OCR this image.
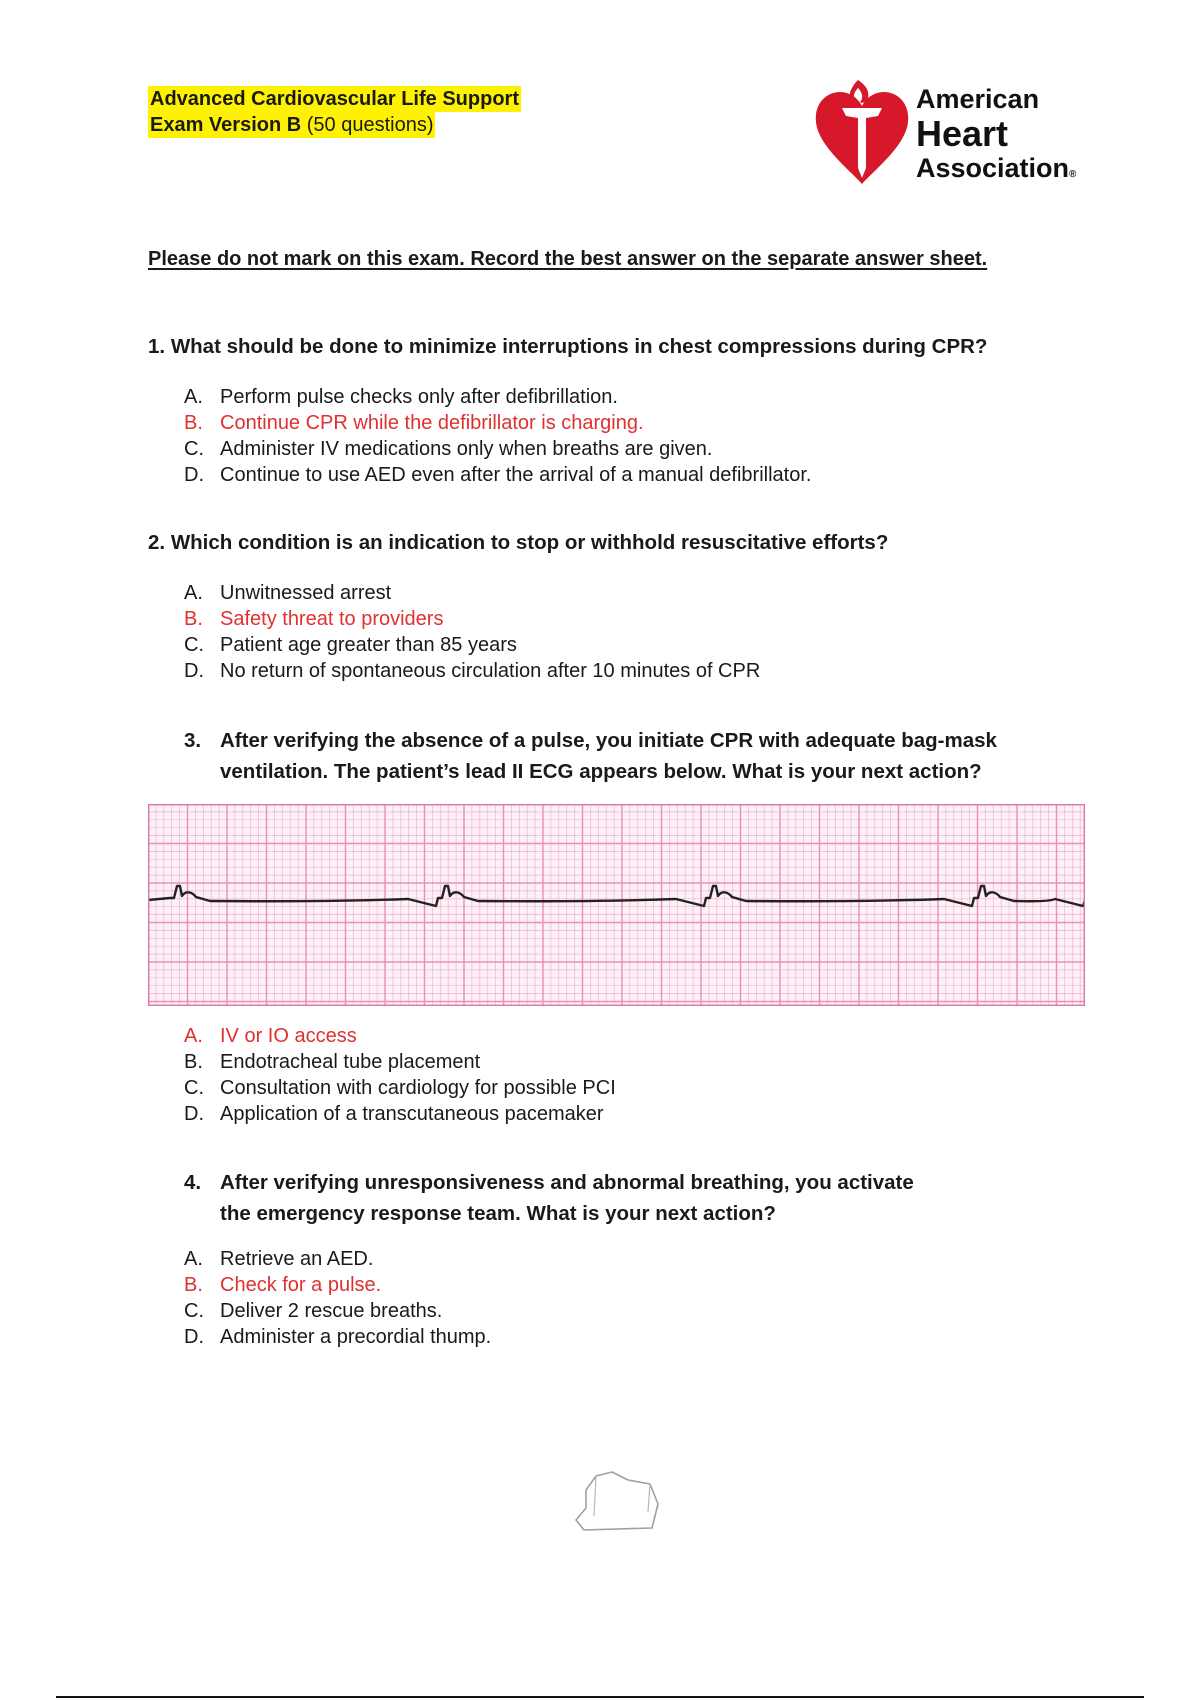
Advanced Cardiovascular Life Support
Exam Version B (50 questions)
American
Heart
Association®
Please do not mark on this exam. Record the best answer on the separate answer sheet.
1. What should be done to minimize interruptions in chest compressions during CPR?
A. Perform pulse checks only after defibrillation.
B. Continue CPR while the defibrillator is charging.
C. Administer IV medications only when breaths are given.
D. Continue to use AED even after the arrival of a manual defibrillator.
2. Which condition is an indication to stop or withhold resuscitative efforts?
A. Unwitnessed arrest
B. Safety threat to providers
C. Patient age greater than 85 years
D. No return of spontaneous circulation after 10 minutes of CPR
3. After verifying the absence of a pulse, you initiate CPR with adequate bag-mask
ventilation. The patient’s lead II ECG appears below. What is your next action?
A. IV or IO access
B. Endotracheal tube placement
C. Consultation with cardiology for possible PCI
D. Application of a transcutaneous pacemaker
4. After verifying unresponsiveness and abnormal breathing, you activate
the emergency response team. What is your next action?
A. Retrieve an AED.
B. Check for a pulse.
C. Deliver 2 rescue breaths.
D. Administer a precordial thump.
